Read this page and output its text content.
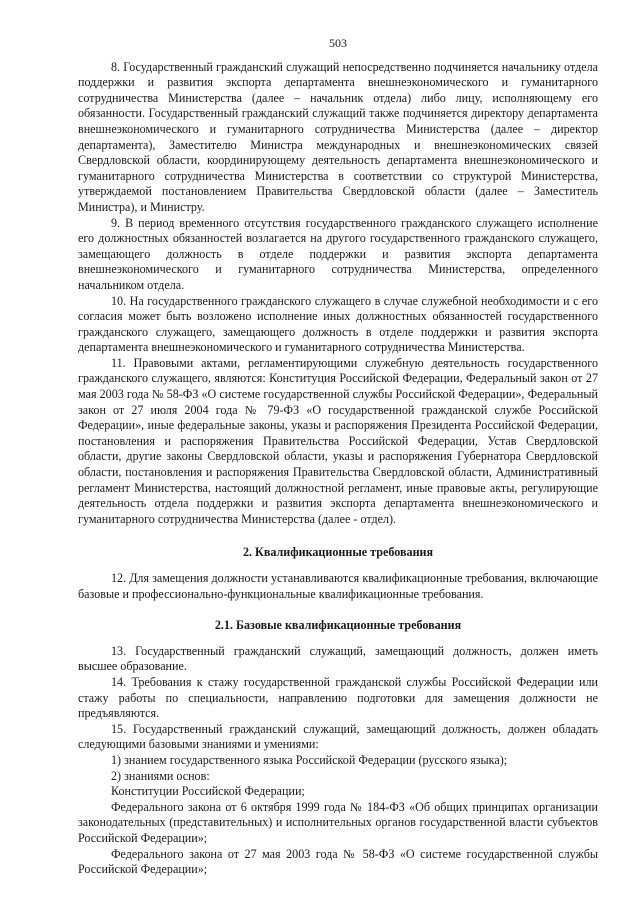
503

8. Государственный гражданский служащий непосредственно подчиняется начальнику отдела поддержки и развития экспорта департамента внешнеэкономического и гуманитарного сотрудничества Министерства (далее – начальник отдела) либо лицу, исполняющему его обязанности. Государственный гражданский служащий также подчиняется директору департамента внешнеэкономического и гуманитарного сотрудничества Министерства (далее – директор департамента), Заместителю Министра международных и внешнеэкономических связей Свердловской области, координирующему деятельность департамента внешнеэкономического и гуманитарного сотрудничества Министерства в соответствии со структурой Министерства, утверждаемой постановлением Правительства Свердловской области (далее – Заместитель Министра), и Министру.

9. В период временного отсутствия государственного гражданского служащего исполнение его должностных обязанностей возлагается на другого государственного гражданского служащего, замещающего должность в отделе поддержки и развития экспорта департамента внешнеэкономического и гуманитарного сотрудничества Министерства, определенного начальником отдела.

10. На государственного гражданского служащего в случае служебной необходимости и с его согласия может быть возложено исполнение иных должностных обязанностей государственного гражданского служащего, замещающего должность в отделе поддержки и развития экспорта департамента внешнеэкономического и гуманитарного сотрудничества Министерства.

11. Правовыми актами, регламентирующими служебную деятельность государственного гражданского служащего, являются: Конституция Российской Федерации, Федеральный закон от 27 мая 2003 года № 58-ФЗ «О системе государственной службы Российской Федерации», Федеральный закон от 27 июля 2004 года № 79-ФЗ «О государственной гражданской службе Российской Федерации», иные федеральные законы, указы и распоряжения Президента Российской Федерации, постановления и распоряжения Правительства Российской Федерации, Устав Свердловской области, другие законы Свердловской области, указы и распоряжения Губернатора Свердловской области, постановления и распоряжения Правительства Свердловской области, Административный регламент Министерства, настоящий должностной регламент, иные правовые акты, регулирующие деятельность отдела поддержки и развития экспорта департамента внешнеэкономического и гуманитарного сотрудничества Министерства (далее - отдел).

2. Квалификационные требования

12. Для замещения должности устанавливаются квалификационные требования, включающие базовые и профессионально-функциональные квалификационные требования.

2.1. Базовые квалификационные требования

13. Государственный гражданский служащий, замещающий должность, должен иметь высшее образование.

14. Требования к стажу государственной гражданской службы Российской Федерации или стажу работы по специальности, направлению подготовки для замещения должности не предъявляются.

15. Государственный гражданский служащий, замещающий должность, должен обладать следующими базовыми знаниями и умениями:

1) знанием государственного языка Российской Федерации (русского языка);

2) знаниями основ:

Конституции Российской Федерации;

Федерального закона от 6 октября 1999 года № 184-ФЗ «Об общих принципах организации законодательных (представительных) и исполнительных органов государственной власти субъектов Российской Федерации»;

Федерального закона от 27 мая 2003 года № 58-ФЗ «О системе государственной службы Российской Федерации»;
